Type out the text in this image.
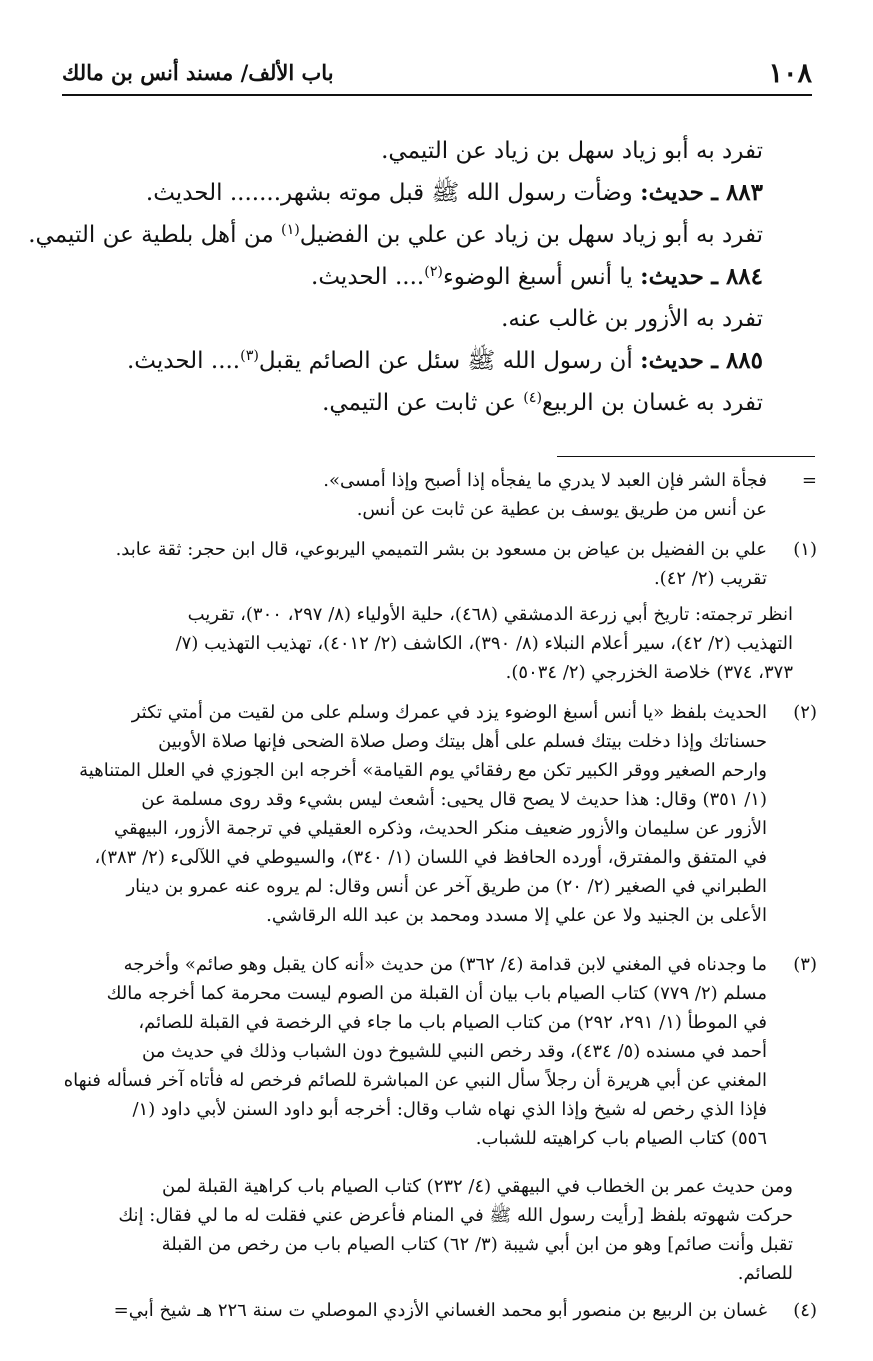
١٠٨
باب الألف/ مسند أنس بن مالك

تفرد به أبو زياد سهل بن زياد عن التيمي.

٨٨٣ ـ حديث: وضأت رسول الله ﷺ قبل موته بشهر....... الحديث.

تفرد به أبو زياد سهل بن زياد عن علي بن الفضيل$^{(١)}$ من أهل بلطية عن التيمي.

٨٨٤ ـ حديث: يا أنس أسبغ الوضوء$^{(٢)}$.... الحديث.

تفرد به الأزور بن غالب عنه.

٨٨٥ ـ حديث: أن رسول الله ﷺ سئل عن الصائم يقبل$^{(٣)}$.... الحديث.

تفرد به غسان بن الربيع$^{(٤)}$ عن ثابت عن التيمي.

=
فجأة الشر فإن العبد لا يدري ما يفجأه إذا أصبح وإذا أمسى».
عن أنس من طريق يوسف بن عطية عن ثابت عن أنس.
(١)
علي بن الفضيل بن عياض بن مسعود بن بشر التميمي اليربوعي، قال ابن حجر: ثقة عابد.
تقريب (٢/ ٤٢).
انظر ترجمته: تاريخ أبي زرعة الدمشقي (٤٦٨)، حلية الأولياء (٨/ ٢٩٧، ٣٠٠)، تقريب
التهذيب (٢/ ٤٢)، سير أعلام النبلاء (٨/ ٣٩٠)، الكاشف (٢/ ٤٠١٢)، تهذيب التهذيب (٧/
٣٧٣، ٣٧٤) خلاصة الخزرجي (٢/ ٥٠٣٤).
(٢)
الحديث بلفظ «يا أنس أسبغ الوضوء يزد في عمرك وسلم على من لقيت من أمتي تكثر
حسناتك وإذا دخلت بيتك فسلم على أهل بيتك وصل صلاة الضحى فإنها صلاة الأوبين
وارحم الصغير ووقر الكبير تكن مع رفقائي يوم القيامة» أخرجه ابن الجوزي في العلل المتناهية
(١/ ٣٥١) وقال: هذا حديث لا يصح قال يحيى: أشعث ليس بشيء وقد روى مسلمة عن
الأزور عن سليمان والأزور ضعيف منكر الحديث، وذكره العقيلي في ترجمة الأزور، البيهقي
في المتفق والمفترق، أورده الحافظ في اللسان (١/ ٣٤٠)، والسيوطي في اللآلىء (٢/ ٣٨٣)،
الطبراني في الصغير (٢/ ٢٠) من طريق آخر عن أنس وقال: لم يروه عنه عمرو بن دينار
الأعلى بن الجنيد ولا عن علي إلا مسدد ومحمد بن عبد الله الرقاشي.
(٣)
ما وجدناه في المغني لابن قدامة (٤/ ٣٦٢) من حديث «أنه كان يقبل وهو صائم» وأخرجه
مسلم (٢/ ٧٧٩) كتاب الصيام باب بيان أن القبلة من الصوم ليست محرمة كما أخرجه مالك
في الموطأ (١/ ٢٩١، ٢٩٢) من كتاب الصيام باب ما جاء في الرخصة في القبلة للصائم،
أحمد في مسنده (٥/ ٤٣٤)، وقد رخص النبي للشيوخ دون الشباب وذلك في حديث من
المغني عن أبي هريرة أن رجلاً سأل النبي عن المباشرة للصائم فرخص له فأتاه آخر فسأله فنهاه
فإذا الذي رخص له شيخ وإذا الذي نهاه شاب وقال: أخرجه أبو داود السنن لأبي داود (١/
٥٥٦) كتاب الصيام باب كراهيته للشباب.
ومن حديث عمر بن الخطاب في البيهقي (٤/ ٢٣٢) كتاب الصيام باب كراهية القبلة لمن
حركت شهوته بلفظ [رأيت رسول الله ﷺ في المنام فأعرض عني فقلت له ما لي فقال: إنك
تقبل وأنت صائم] وهو من ابن أبي شيبة (٣/ ٦٢) كتاب الصيام باب من رخص من القبلة
للصائم.
(٤)
غسان بن الربيع بن منصور أبو محمد الغساني الأزدي الموصلي ت سنة ٢٢٦ هـ شيخ أبي=
